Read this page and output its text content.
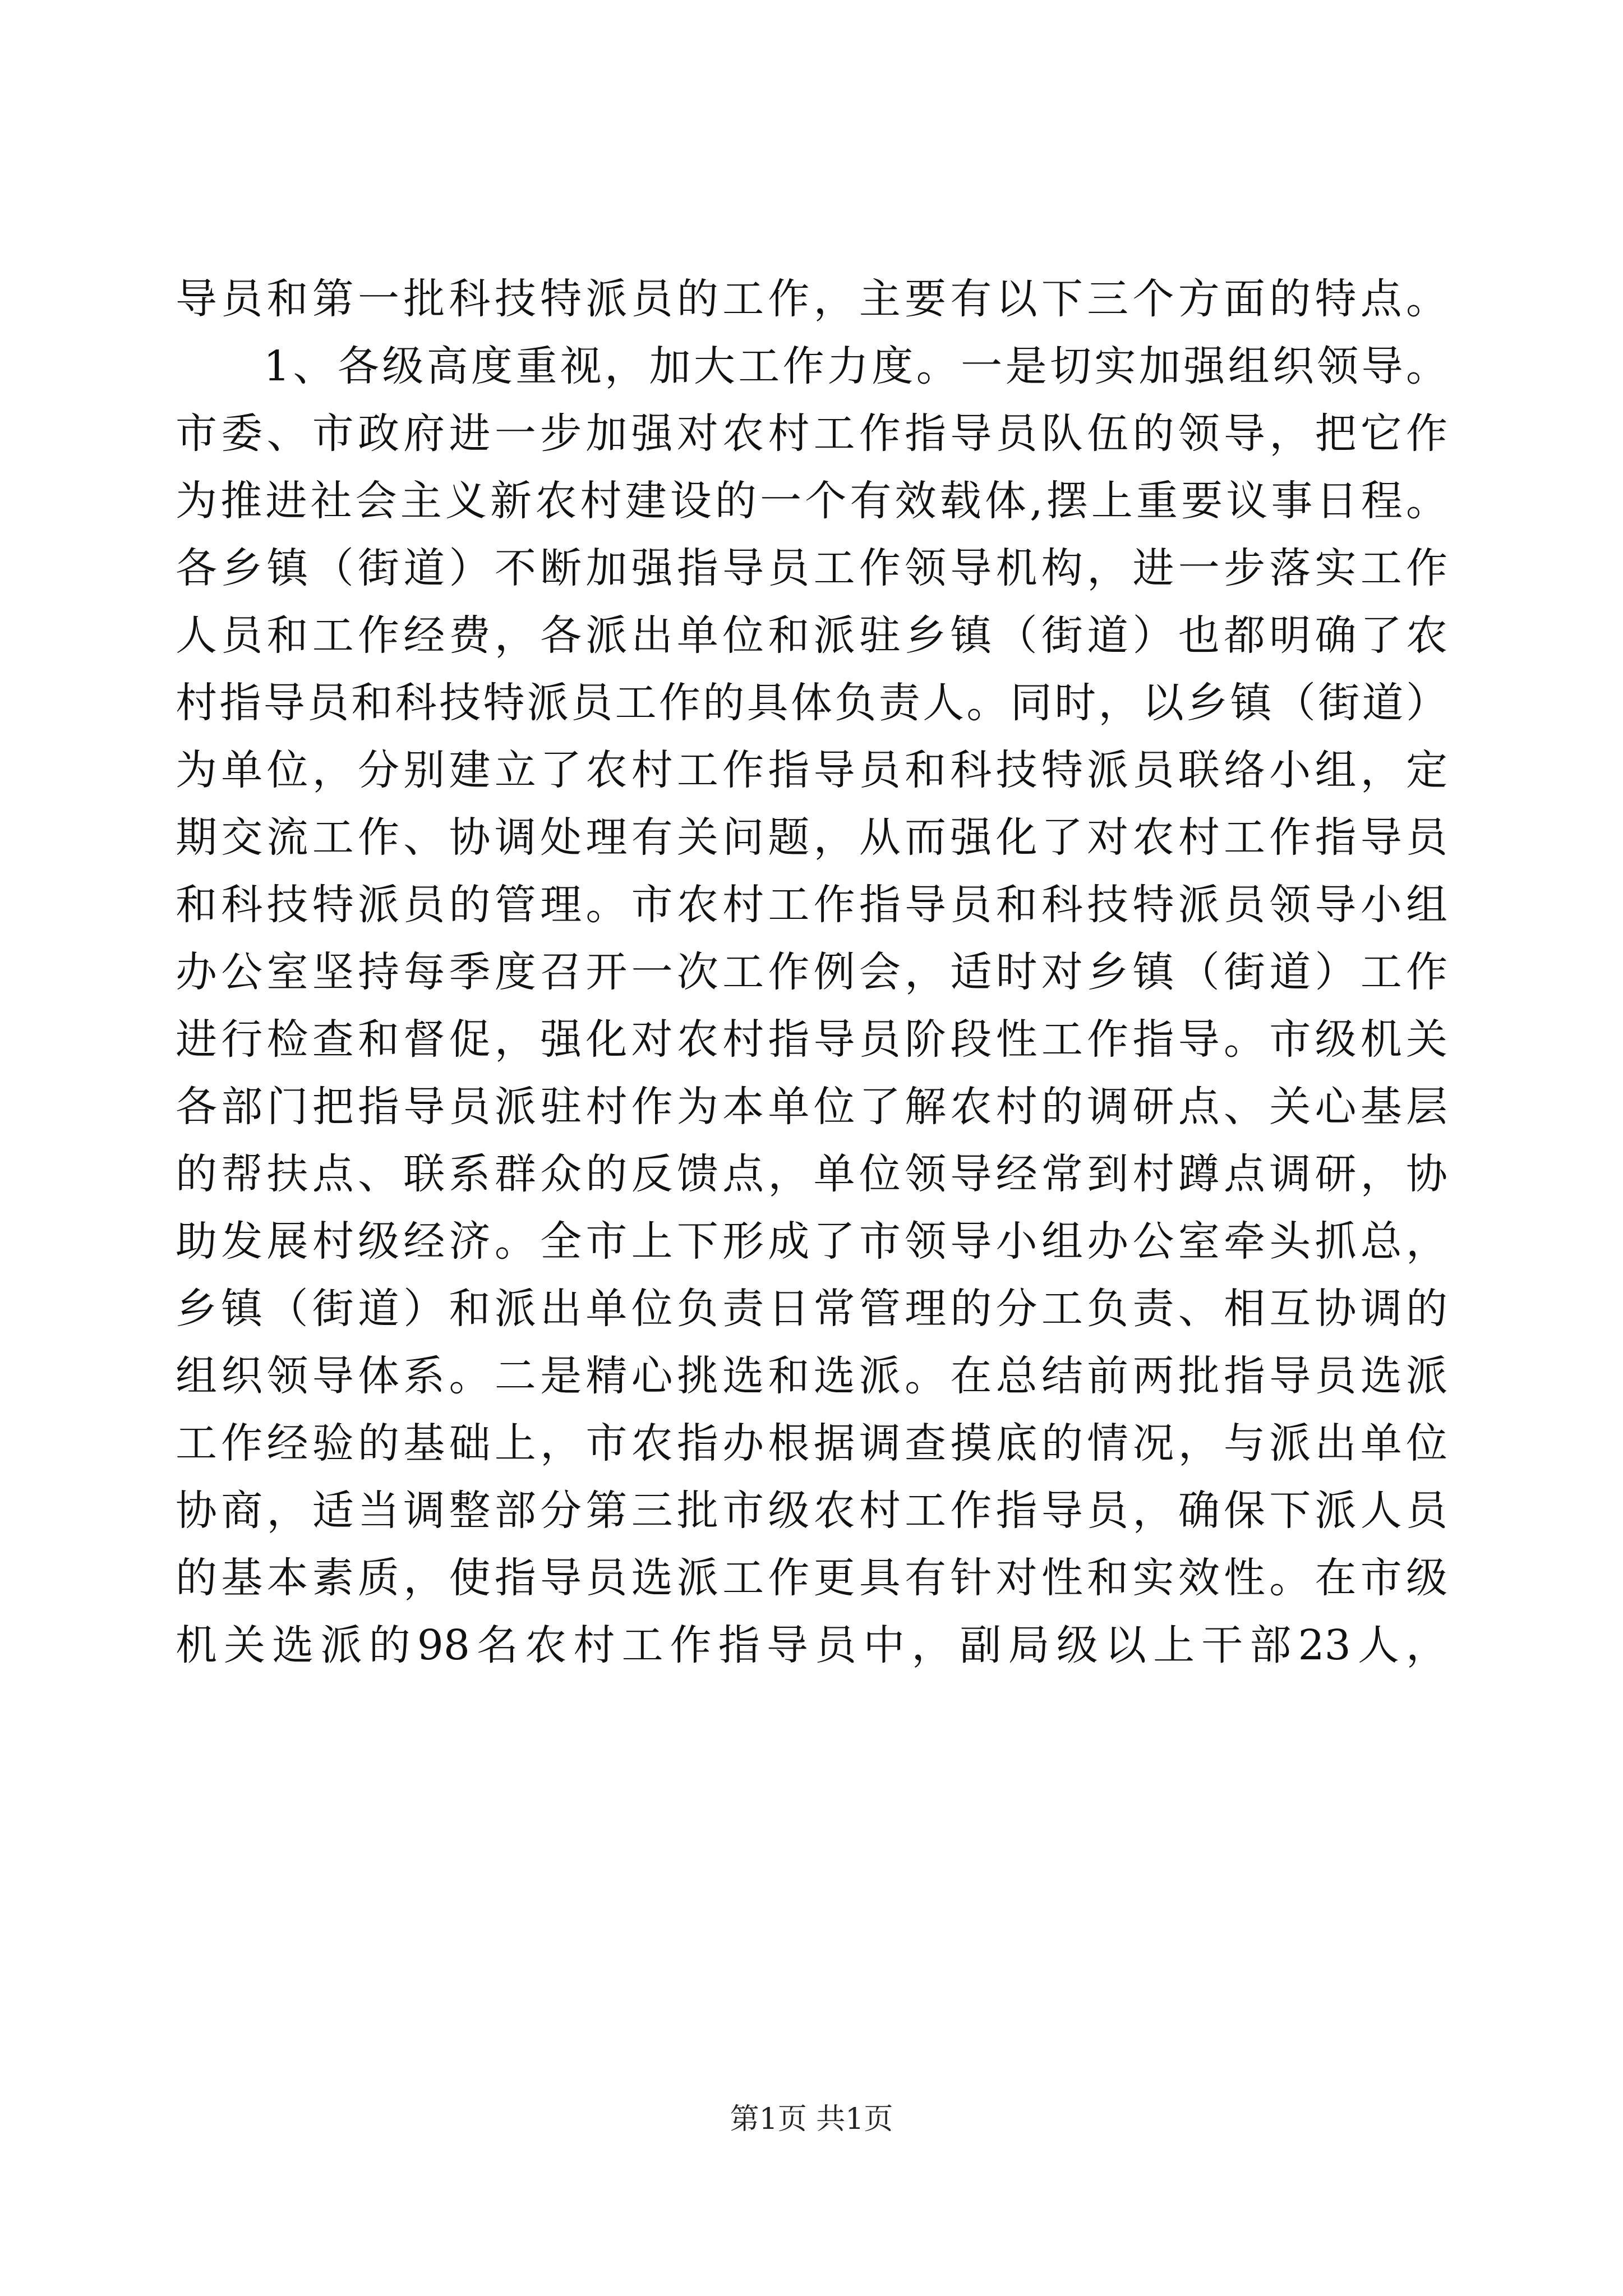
导员和第一批科技特派员的工作，主要有以下三个方面的特点。
1、各级高度重视，加大工作力度。一是切实加强组织领导。
市委、市政府进一步加强对农村工作指导员队伍的领导，把它作
为推进社会主义新农村建设的一个有效载体,摆上重要议事日程。
各乡镇（街道）不断加强指导员工作领导机构，进一步落实工作
人员和工作经费，各派出单位和派驻乡镇（街道）也都明确了农
村指导员和科技特派员工作的具体负责人。同时，以乡镇（街道）
为单位，分别建立了农村工作指导员和科技特派员联络小组，定
期交流工作、协调处理有关问题，从而强化了对农村工作指导员
和科技特派员的管理。市农村工作指导员和科技特派员领导小组
办公室坚持每季度召开一次工作例会，适时对乡镇（街道）工作
进行检查和督促，强化对农村指导员阶段性工作指导。市级机关
各部门把指导员派驻村作为本单位了解农村的调研点、关心基层
的帮扶点、联系群众的反馈点，单位领导经常到村蹲点调研，协
助发展村级经济。全市上下形成了市领导小组办公室牵头抓总，
乡镇（街道）和派出单位负责日常管理的分工负责、相互协调的
组织领导体系。二是精心挑选和选派。在总结前两批指导员选派
工作经验的基础上，市农指办根据调查摸底的情况，与派出单位
协商，适当调整部分第三批市级农村工作指导员，确保下派人员
的基本素质，使指导员选派工作更具有针对性和实效性。在市级
机关选派的98名农村工作指导员中，副局级以上干部23人，
第1页 共1页
